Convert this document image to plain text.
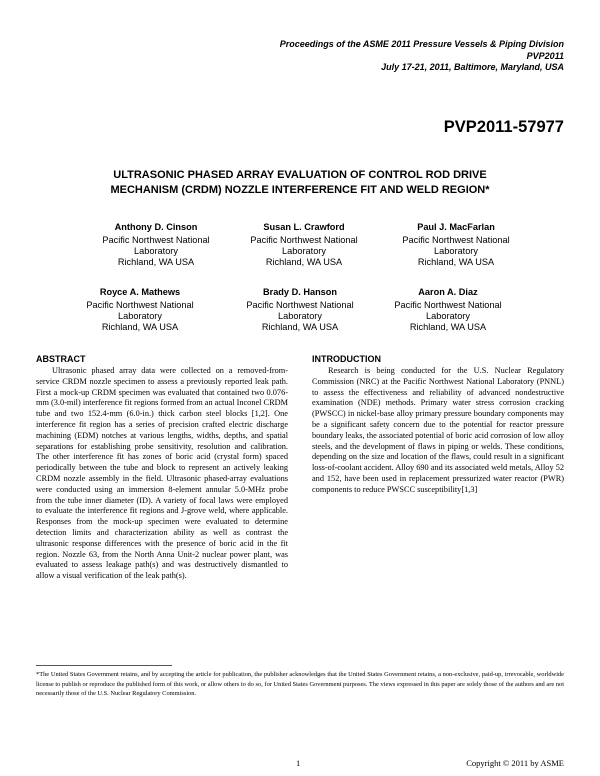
Proceedings of the ASME 2011 Pressure Vessels & Piping Division
PVP2011
July 17-21, 2011, Baltimore, Maryland, USA
PVP2011-57977
ULTRASONIC PHASED ARRAY EVALUATION OF CONTROL ROD DRIVE
MECHANISM (CRDM) NOZZLE INTERFERENCE FIT AND WELD REGION*
Anthony D. Cinson
Pacific Northwest National
Laboratory
Richland, WA USA
Susan L. Crawford
Pacific Northwest National
Laboratory
Richland, WA USA
Paul J. MacFarlan
Pacific Northwest National
Laboratory
Richland, WA USA
Royce A. Mathews
Pacific Northwest National
Laboratory
Richland, WA USA
Brady D. Hanson
Pacific Northwest National
Laboratory
Richland, WA USA
Aaron A. Diaz
Pacific Northwest National
Laboratory
Richland, WA USA
ABSTRACT

Ultrasonic phased array data were collected on a removed-from-service CRDM nozzle specimen to assess a previously reported leak path. First a mock-up CRDM specimen was evaluated that contained two 0.076-mm (3.0-mil) interference fit regions formed from an actual Inconel CRDM tube and two 152.4-mm (6.0-in.) thick carbon steel blocks [1,2]. One interference fit region has a series of precision crafted electric discharge machining (EDM) notches at various lengths, widths, depths, and spatial separations for establishing probe sensitivity, resolution and calibration. The other interference fit has zones of boric acid (crystal form) spaced periodically between the tube and block to represent an actively leaking CRDM nozzle assembly in the field. Ultrasonic phased-array evaluations were conducted using an immersion 8-element annular 5.0-MHz probe from the tube inner diameter (ID). A variety of focal laws were employed to evaluate the interference fit regions and J-grove weld, where applicable. Responses from the mock-up specimen were evaluated to determine detection limits and characterization ability as well as contrast the ultrasonic response differences with the presence of boric acid in the fit region. Nozzle 63, from the North Anna Unit-2 nuclear power plant, was evaluated to assess leakage path(s) and was destructively dismantled to allow a visual verification of the leak path(s).

INTRODUCTION

Research is being conducted for the U.S. Nuclear Regulatory Commission (NRC) at the Pacific Northwest National Laboratory (PNNL) to assess the effectiveness and reliability of advanced nondestructive examination (NDE) methods. Primary water stress corrosion cracking (PWSCC) in nickel-base alloy primary pressure boundary components may be a significant safety concern due to the potential for reactor pressure boundary leaks, the associated potential of boric acid corrosion of low alloy steels, and the development of flaws in piping or welds. These conditions, depending on the size and location of the flaws, could result in a significant loss-of-coolant accident. Alloy 690 and its associated weld metals, Alloy 52 and 152, have been used in replacement pressurized water reactor (PWR) components to reduce PWSCC susceptibility[1,3]

*The United States Government retains, and by accepting the article for publication, the publisher acknowledges that the United States Government retains, a non-exclusive, paid-up, irrevocable, worldwide license to publish or reproduce the published form of this work, or allow others to do so, for United States Government purposes. The views expressed in this paper are solely those of the authors and are not necessarily those of the U.S. Nuclear Regulatory Commission.
1	Copyright © 2011 by ASME
